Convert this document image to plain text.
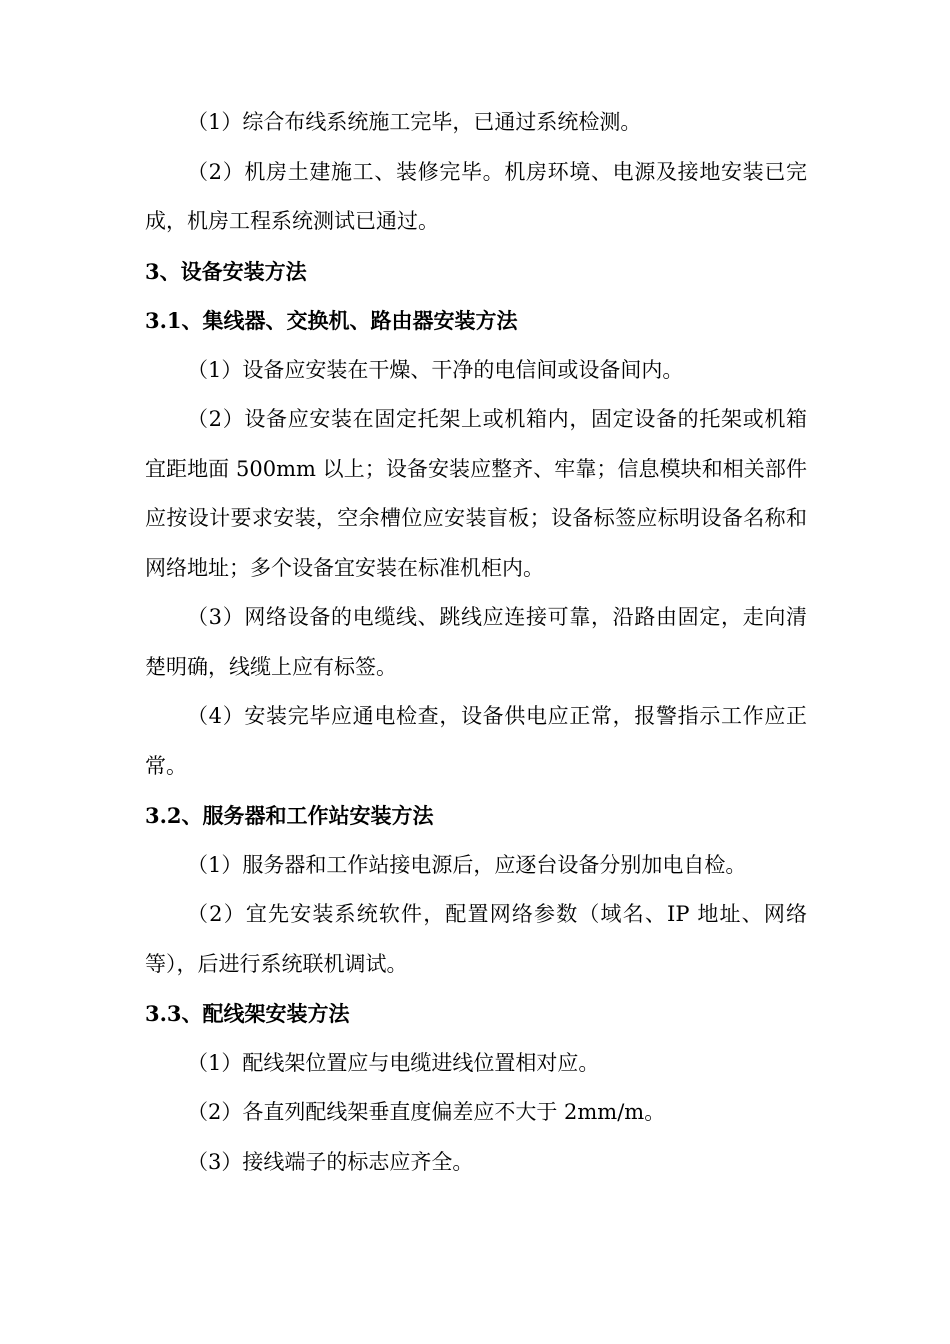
（1）综合布线系统施工完毕，已通过系统检测。

（2）机房土建施工、装修完毕。机房环境、电源及接地安装已完成，机房工程系统测试已通过。

3、设备安装方法

3.1、集线器、交换机、路由器安装方法

（1）设备应安装在干燥、干净的电信间或设备间内。

（2）设备应安装在固定托架上或机箱内，固定设备的托架或机箱宜距地面 500mm 以上；设备安装应整齐、牢靠；信息模块和相关部件应按设计要求安装，空余槽位应安装盲板；设备标签应标明设备名称和网络地址；多个设备宜安装在标准机柜内。

（3）网络设备的电缆线、跳线应连接可靠，沿路由固定，走向清楚明确，线缆上应有标签。

（4）安装完毕应通电检查，设备供电应正常，报警指示工作应正常。

3.2、服务器和工作站安装方法

（1）服务器和工作站接电源后，应逐台设备分别加电自检。

（2）宜先安装系统软件，配置网络参数（域名、IP 地址、网络等），后进行系统联机调试。

3.3、配线架安装方法

（1）配线架位置应与电缆进线位置相对应。

（2）各直列配线架垂直度偏差应不大于 2mm/m。

（3）接线端子的标志应齐全。
